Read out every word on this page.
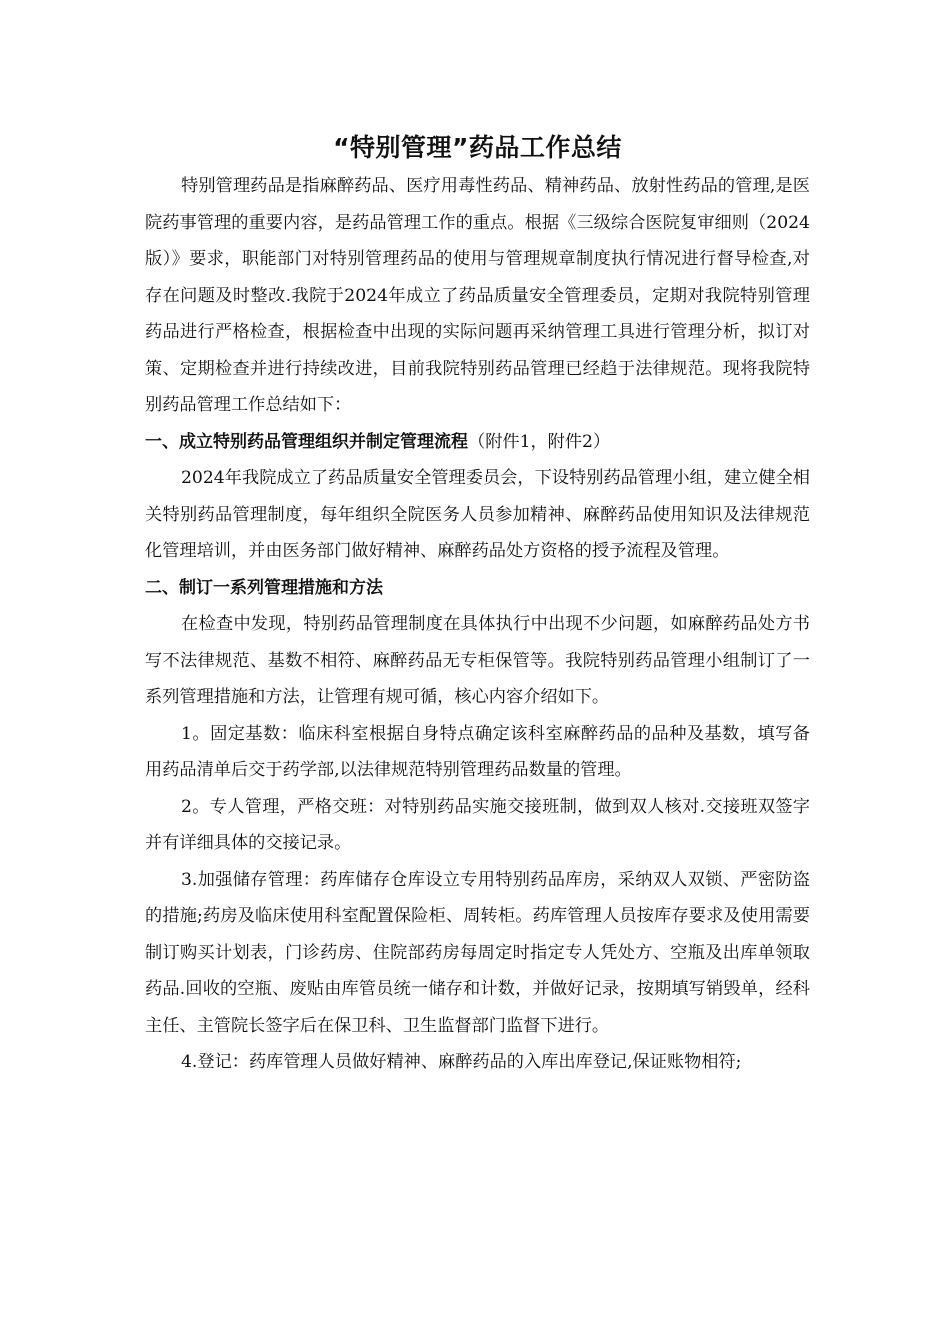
“特别管理”药品工作总结

特别管理药品是指麻醉药品、医疗用毒性药品、精神药品、放射性药品的管理,是医院药事管理的重要内容，是药品管理工作的重点。根据《三级综合医院复审细则（2024版）》要求，职能部门对特别管理药品的使用与管理规章制度执行情况进行督导检查,对存在问题及时整改.我院于2024年成立了药品质量安全管理委员，定期对我院特别管理药品进行严格检查，根据检查中出现的实际问题再采纳管理工具进行管理分析，拟订对策、定期检查并进行持续改进，目前我院特别药品管理已经趋于法律规范。现将我院特别药品管理工作总结如下：

一、成立特别药品管理组织并制定管理流程（附件1，附件2）

2024年我院成立了药品质量安全管理委员会，下设特别药品管理小组，建立健全相关特别药品管理制度，每年组织全院医务人员参加精神、麻醉药品使用知识及法律规范化管理培训，并由医务部门做好精神、麻醉药品处方资格的授予流程及管理。

二、制订一系列管理措施和方法

在检查中发现，特别药品管理制度在具体执行中出现不少问题，如麻醉药品处方书写不法律规范、基数不相符、麻醉药品无专柜保管等。我院特别药品管理小组制订了一系列管理措施和方法，让管理有规可循，核心内容介绍如下。

1。固定基数：临床科室根据自身特点确定该科室麻醉药品的品种及基数，填写备用药品清单后交于药学部,以法律规范特别管理药品数量的管理。

2。专人管理，严格交班：对特别药品实施交接班制，做到双人核对.交接班双签字并有详细具体的交接记录。

3.加强储存管理：药库储存仓库设立专用特别药品库房，采纳双人双锁、严密防盗的措施;药房及临床使用科室配置保险柜、周转柜。药库管理人员按库存要求及使用需要制订购买计划表，门诊药房、住院部药房每周定时指定专人凭处方、空瓶及出库单领取药品.回收的空瓶、废贴由库管员统一储存和计数，并做好记录，按期填写销毁单，经科主任、主管院长签字后在保卫科、卫生监督部门监督下进行。

4.登记：药库管理人员做好精神、麻醉药品的入库出库登记,保证账物相符;
